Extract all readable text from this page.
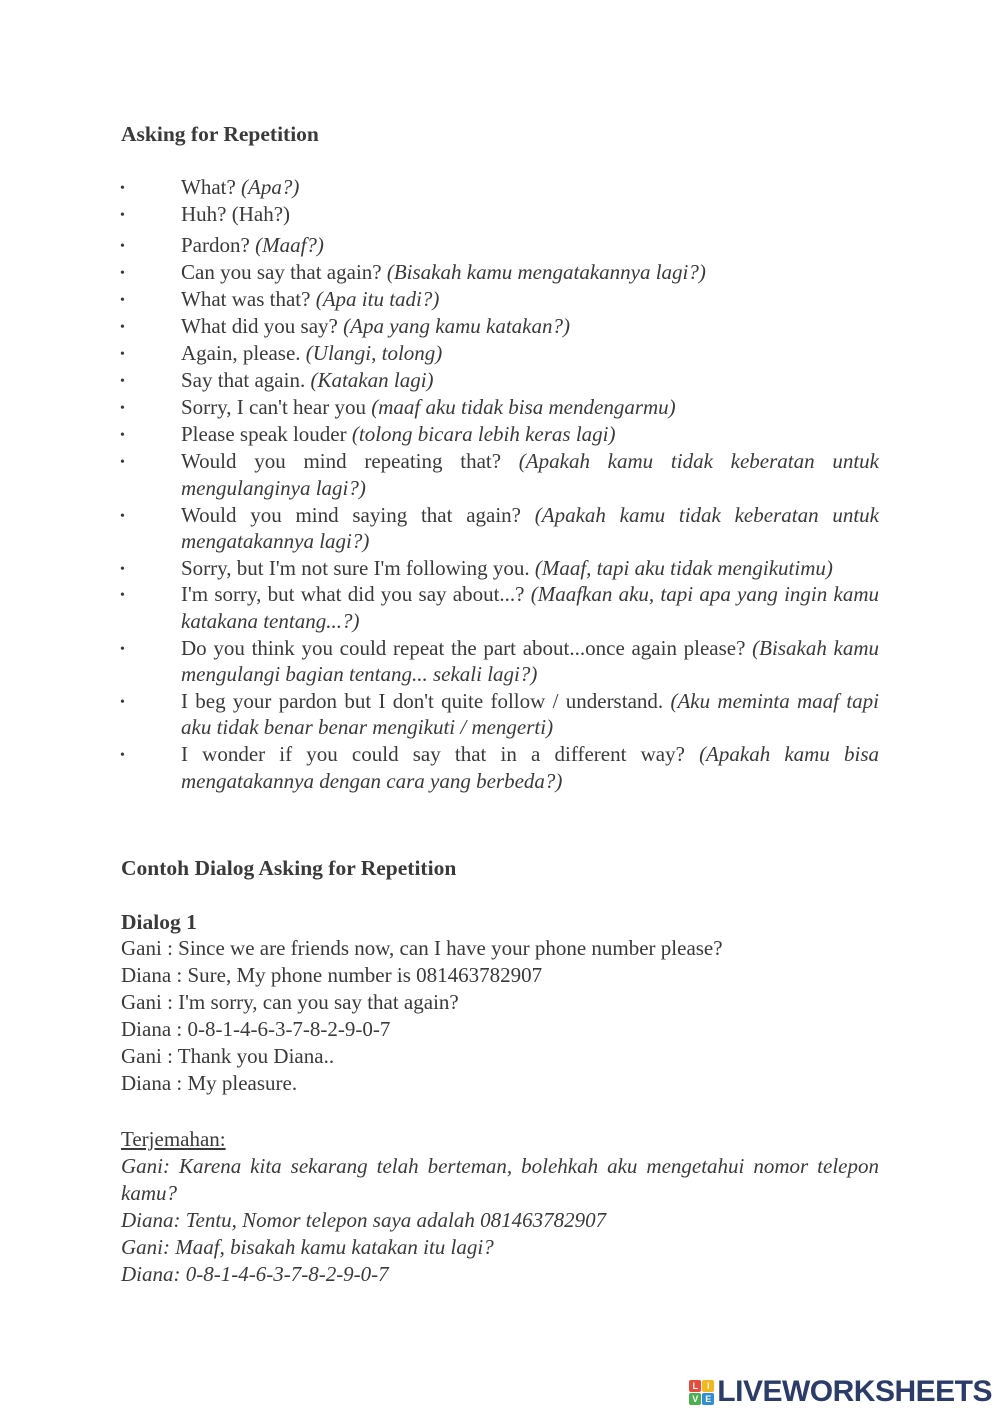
Asking for Repetition
• What? (Apa?)
• Huh? (Hah?)
• Pardon? (Maaf?)
• Can you say that again? (Bisakah kamu mengatakannya lagi?)
• What was that? (Apa itu tadi?)
• What did you say? (Apa yang kamu katakan?)
• Again, please. (Ulangi, tolong)
• Say that again. (Katakan lagi)
• Sorry, I can't hear you (maaf aku tidak bisa mendengarmu)
• Please speak louder (tolong bicara lebih keras lagi)
• Would you mind repeating that? (Apakah kamu tidak keberatan untuk mengulanginya lagi?)
• Would you mind saying that again? (Apakah kamu tidak keberatan untuk mengatakannya lagi?)
• Sorry, but I'm not sure I'm following you. (Maaf, tapi aku tidak mengikutimu)
• I'm sorry, but what did you say about...? (Maafkan aku, tapi apa yang ingin kamu katakana tentang...?)
• Do you think you could repeat the part about...once again please? (Bisakah kamu mengulangi bagian tentang... sekali lagi?)
• I beg your pardon but I don't quite follow / understand. (Aku meminta maaf tapi aku tidak benar benar mengikuti / mengerti)
• I wonder if you could say that in a different way? (Apakah kamu bisa mengatakannya dengan cara yang berbeda?)
Contoh Dialog Asking for Repetition
Dialog 1
Gani : Since we are friends now, can I have your phone number please?
Diana : Sure, My phone number is 081463782907
Gani : I'm sorry, can you say that again?
Diana : 0-8-1-4-6-3-7-8-2-9-0-7
Gani : Thank you Diana..
Diana : My pleasure.
Terjemahan:
Gani: Karena kita sekarang telah berteman, bolehkah aku mengetahui nomor telepon kamu?
Diana: Tentu, Nomor telepon saya adalah 081463782907
Gani: Maaf, bisakah kamu katakan itu lagi?
Diana: 0-8-1-4-6-3-7-8-2-9-0-7
L I
V E LIVEWORKSHEETS
